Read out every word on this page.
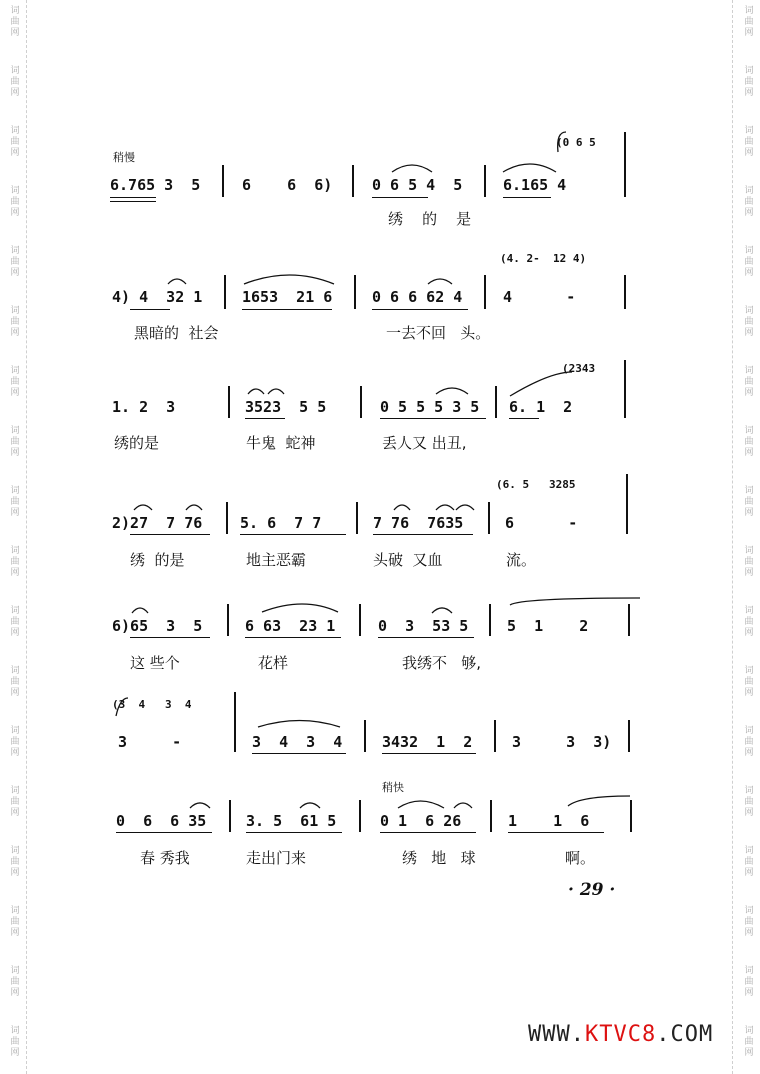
词
曲
网
词
曲
网
词
曲
网
词
曲
网
词
曲
网
词
曲
网
词
曲
网
词
曲
网
词
曲
网
词
曲
网
词
曲
网
词
曲
网
词
曲
网
词
曲
网
词
曲
网
词
曲
网
词
曲
网
词
曲
网
词
曲
网
词
曲
网
词
曲
网
词
曲
网
词
曲
网
词
曲
网
词
曲
网
词
曲
网
词
曲
网
词
曲
网
词
曲
网
词
曲
网
词
曲
网
词
曲
网
词
曲
网
词
曲
网
词
曲
网
词
曲
网
稍慢
稍快
(0 6 5
6.765 3  5	6    6  6)	0 6 5 4  5	6.165 4
绣    的    是
(4. 2-  12 4)
4) 4  32 1	1653  21 6	0 6 6 62 4	4      -
黑暗的  社会	一去不回   头。
(2343
1. 2  3	3523  5 5	0 5 5 5 3 5 6. 1  2
绣的是	牛鬼  蛇神	丢人又 出丑,
(6. 5   3285
2)27  7 76	5. 6  7 7	7 76  7635	6      -
绣  的是	地主恶霸	头破  又血	流。
6)65  3  5	6 63  23 1	0  3  53 5	5  1    2
这 些个	花样	我绣不   够,
(3  4   3  4
3     -	3  4  3  4	3432  1  2	3     3  3)
0  6  6 35	3. 5  61 5	0 1  6 26	1    1  6
春 秀我	走出门来	绣   地   球	啊。
· 29 ·
WWW.KTVC8.COM
